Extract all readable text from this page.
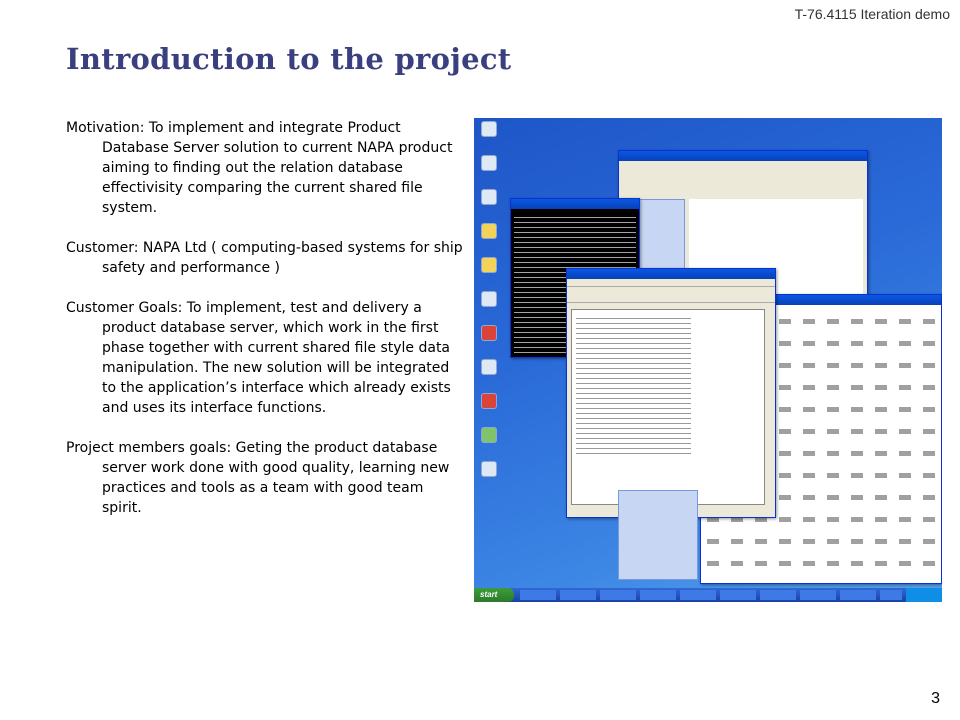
T-76.4115 Iteration demo
Introduction to the project

Motivation: To implement and integrate Product Database Server solution to current NAPA product aiming to finding out the relation database effectivisity comparing the current shared file system.

Customer: NAPA Ltd ( computing-based systems for ship safety and performance )

Customer Goals: To implement, test and delivery a product database server, which work in the first phase together with current shared file style data manipulation. The new solution will be integrated to the application’s interface which already exists and uses its interface functions.

Project members goals: Geting the product database server work done with good quality, learning new practices and tools as a team with good team spirit.

start
3
